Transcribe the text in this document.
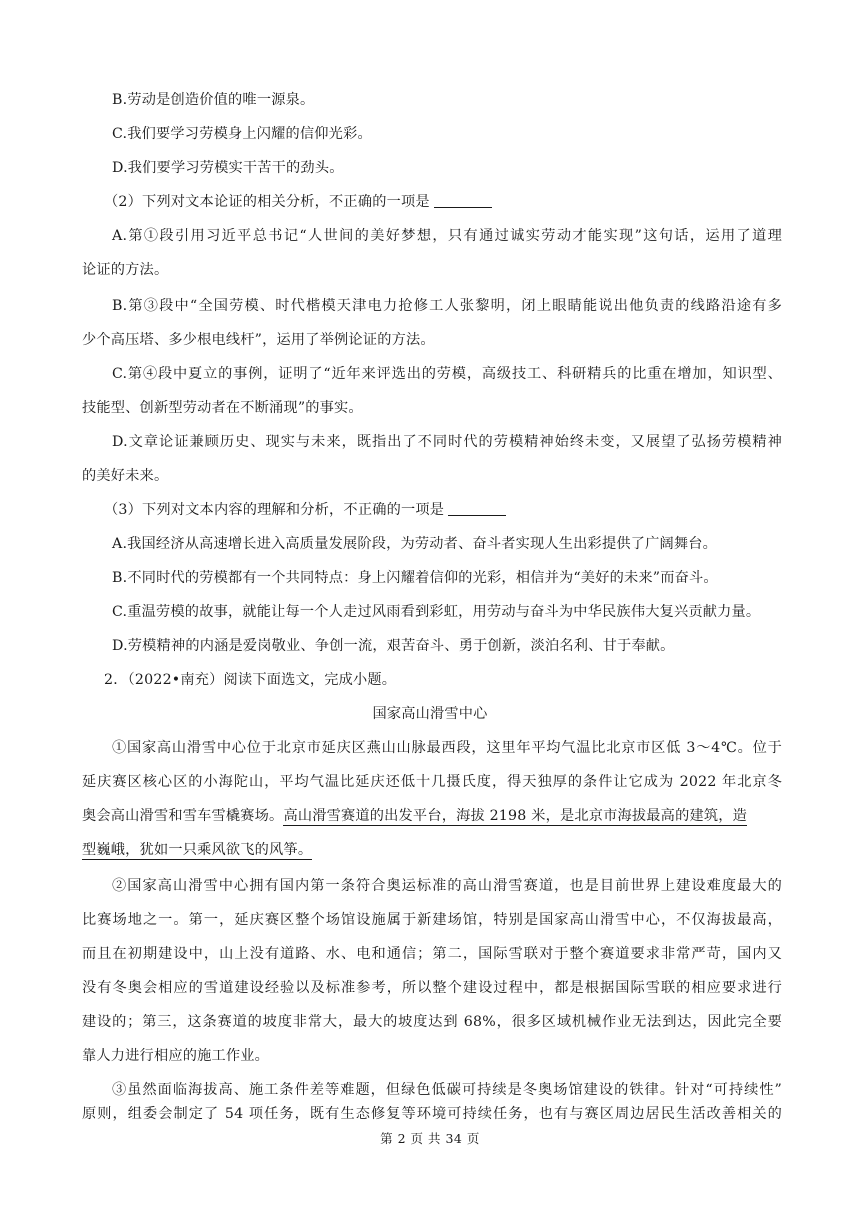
B.劳动是创造价值的唯一源泉。
C.我们要学习劳模身上闪耀的信仰光彩。
D.我们要学习劳模实干苦干的劲头。
（2）下列对文本论证的相关分析，不正确的一项是
A.第①段引用习近平总书记“人世间的美好梦想，只有通过诚实劳动才能实现”这句话，运用了道理
论证的方法。
B.第③段中“全国劳模、时代楷模天津电力抢修工人张黎明，闭上眼睛能说出他负责的线路沿途有多
少个高压塔、多少根电线杆”，运用了举例论证的方法。
C.第④段中夏立的事例，证明了“近年来评选出的劳模，高级技工、科研精兵的比重在增加，知识型、
技能型、创新型劳动者在不断涌现”的事实。
D.文章论证兼顾历史、现实与未来，既指出了不同时代的劳模精神始终未变，又展望了弘扬劳模精神
的美好未来。
（3）下列对文本内容的理解和分析，不正确的一项是
A.我国经济从高速增长进入高质量发展阶段，为劳动者、奋斗者实现人生出彩提供了广阔舞台。
B.不同时代的劳模都有一个共同特点：身上闪耀着信仰的光彩，相信并为“美好的未来”而奋斗。
C.重温劳模的故事，就能让每一个人走过风雨看到彩虹，用劳动与奋斗为中华民族伟大复兴贡献力量。
D.劳模精神的内涵是爱岗敬业、争创一流，艰苦奋斗、勇于创新，淡泊名利、甘于奉献。
2．（2022•南充）阅读下面选文，完成小题。
国家高山滑雪中心
①国家高山滑雪中心位于北京市延庆区燕山山脉最西段，这里年平均气温比北京市区低 3～4℃。位于
延庆赛区核心区的小海陀山，平均气温比延庆还低十几摄氏度，得天独厚的条件让它成为 2022 年北京冬
奥会高山滑雪和雪车雪橇赛场。高山滑雪赛道的出发平台，海拔 2198 米，是北京市海拔最高的建筑，造
型巍峨，犹如一只乘风欲飞的风筝。
②国家高山滑雪中心拥有国内第一条符合奥运标准的高山滑雪赛道，也是目前世界上建设难度最大的
比赛场地之一。第一，延庆赛区整个场馆设施属于新建场馆，特别是国家高山滑雪中心，不仅海拔最高，
而且在初期建设中，山上没有道路、水、电和通信；第二，国际雪联对于整个赛道要求非常严苛，国内又
没有冬奥会相应的雪道建设经验以及标准参考，所以整个建设过程中，都是根据国际雪联的相应要求进行
建设的；第三，这条赛道的坡度非常大，最大的坡度达到 68%，很多区域机械作业无法到达，因此完全要
靠人力进行相应的施工作业。
③虽然面临海拔高、施工条件差等难题，但绿色低碳可持续是冬奥场馆建设的铁律。针对“可持续性”
原则，组委会制定了 54 项任务，既有生态修复等环境可持续任务，也有与赛区周边居民生活改善相关的
第 2 页 共 34 页
